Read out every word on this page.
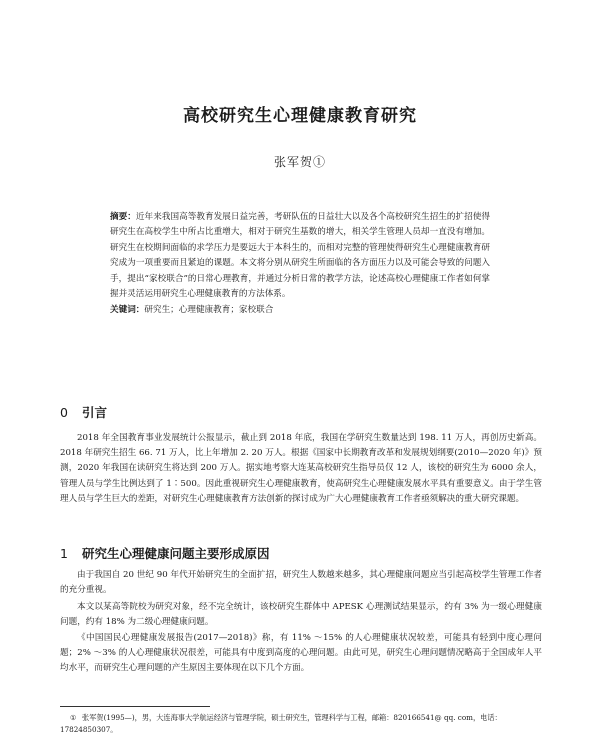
高校研究生心理健康教育研究
张军贺①
摘要：近年来我国高等教育发展日益完善，考研队伍的日益壮大以及各个高校研究生招生的扩招使得研究生在高校学生中所占比重增大，相对于研究生基数的增大，相关学生管理人员却一直没有增加。研究生在校期间面临的求学压力是要远大于本科生的，而相对完整的管理使得研究生心理健康教育研究成为一项重要而且紧迫的课题。本文将分别从研究生所面临的各方面压力以及可能会导致的问题入手，提出“家校联合”的日常心理教育，并通过分析日常的教学方法，论述高校心理健康工作者如何掌握并灵活运用研究生心理健康教育的方法体系。
关键词：研究生；心理健康教育；家校联合
0 引言

2018 年全国教育事业发展统计公报显示，截止到 2018 年底，我国在学研究生数量达到 198. 11 万人，再创历史新高。2018 年研究生招生 66. 71 万人，比上年增加 2. 20 万人。根据《国家中长期教育改革和发展规划纲要(2010—2020 年)》预测，2020 年我国在读研究生将达到 200 万人。据实地考察大连某高校研究生指导员仅 12 人，该校的研究生为 6000 余人，管理人员与学生比例达到了 1∶500。因此重视研究生心理健康教育，使高研究生心理健康发展水平具有重要意义。由于学生管理人员与学生巨大的差距，对研究生心理健康教育方法创新的探讨成为广大心理健康教育工作者亟须解决的重大研究课题。

1 研究生心理健康问题主要形成原因

由于我国自 20 世纪 90 年代开始研究生的全面扩招，研究生人数越来越多，其心理健康问题应当引起高校学生管理工作者的充分重视。

本文以某高等院校为研究对象，经不完全统计，该校研究生群体中 APESK 心理测试结果显示，约有 3% 为一级心理健康问题，约有 18% 为二级心理健康问题。

《中国国民心理健康发展报告(2017—2018)》称，有 11% ～15% 的人心理健康状况较差，可能具有轻到中度心理问题；2% ～3% 的人心理健康状况很差，可能具有中度到高度的心理问题。由此可见，研究生心理问题情况略高于全国成年人平均水平，而研究生心理问题的产生原因主要体现在以下几个方面。

① 张军贺(1995—)，男，大连海事大学航运经济与管理学院，硕士研究生，管理科学与工程，邮箱：820166541@ qq. com，电话：17824850307。
